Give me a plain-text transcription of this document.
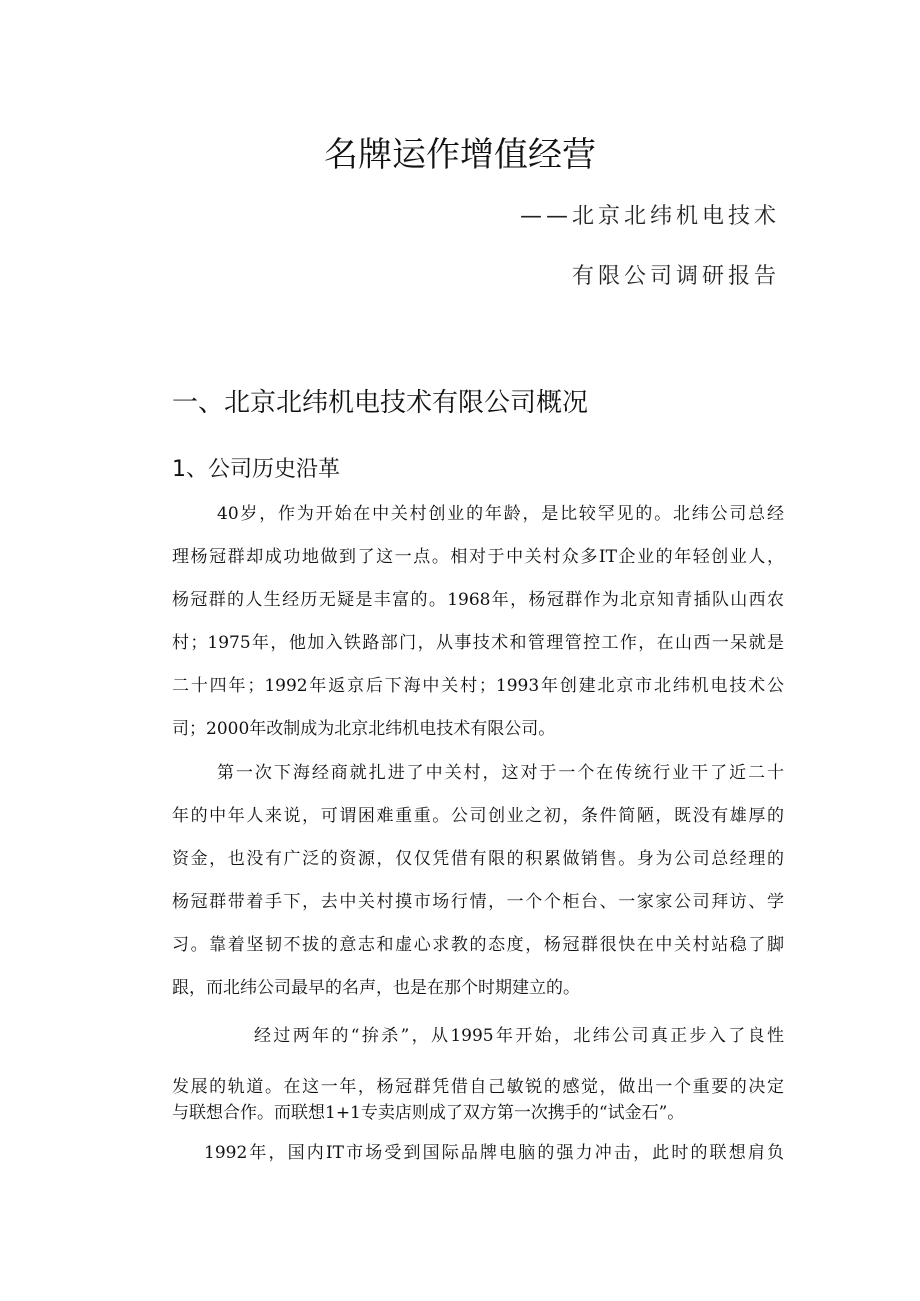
名牌运作增值经营
——北京北纬机电技术
有限公司调研报告
一、北京北纬机电技术有限公司概况
1、公司历史沿革
40岁，作为开始在中关村创业的年龄，是比较罕见的。北纬公司总经
理杨冠群却成功地做到了这一点。相对于中关村众多IT企业的年轻创业人，
杨冠群的人生经历无疑是丰富的。1968年，杨冠群作为北京知青插队山西农
村；1975年，他加入铁路部门，从事技术和管理管控工作，在山西一呆就是
二十四年；1992年返京后下海中关村；1993年创建北京市北纬机电技术公
司；2000年改制成为北京北纬机电技术有限公司。
第一次下海经商就扎进了中关村，这对于一个在传统行业干了近二十
年的中年人来说，可谓困难重重。公司创业之初，条件简陋，既没有雄厚的
资金，也没有广泛的资源，仅仅凭借有限的积累做销售。身为公司总经理的
杨冠群带着手下，去中关村摸市场行情，一个个柜台、一家家公司拜访、学
习。靠着坚韧不拔的意志和虚心求教的态度，杨冠群很快在中关村站稳了脚
跟，而北纬公司最早的名声，也是在那个时期建立的。
经过两年的“拚杀”，从1995年开始，北纬公司真正步入了良性
发展的轨道。在这一年，杨冠群凭借自己敏锐的感觉，做出一个重要的决定
与联想合作。而联想1+1专卖店则成了双方第一次携手的“试金石”。
1992年，国内IT市场受到国际品牌电脑的强力冲击，此时的联想肩负
